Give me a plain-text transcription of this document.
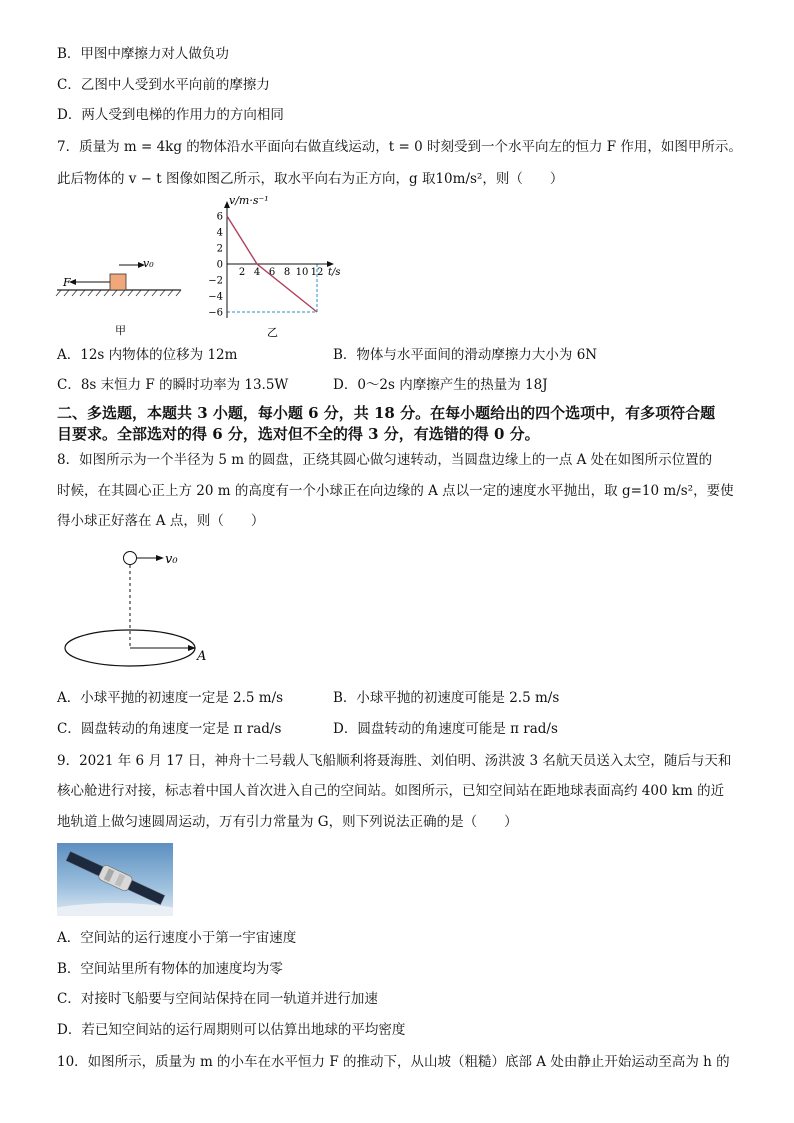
B．甲图中摩擦力对人做负功
C．乙图中人受到水平向前的摩擦力
D．两人受到电梯的作用力的方向相同
7．质量为 m = 4kg 的物体沿水平面向右做直线运动，t = 0 时刻受到一个水平向左的恒力 F 作用，如图甲所示。
此后物体的 v − t 图像如图乙所示，取水平向右为正方向，g 取10m/s²，则（　　）
F
v₀
甲
2 4 6 8 10 12
6
4
2
0
−2
−4
−6
t/s
v/m·s⁻¹
乙
A．12s 内物体的位移为 12m	B．物体与水平面间的滑动摩擦力大小为 6N
C．8s 末恒力 F 的瞬时功率为 13.5W	D．0～2s 内摩擦产生的热量为 18J
二、多选题，本题共 3 小题，每小题 6 分，共 18 分。在每小题给出的四个选项中，有多项符合题
目要求。全部选对的得 6 分，选对但不全的得 3 分，有选错的得 0 分。
8．如图所示为一个半径为 5 m 的圆盘，正绕其圆心做匀速转动，当圆盘边缘上的一点 A 处在如图所示位置的
时候，在其圆心正上方 20 m 的高度有一个小球正在向边缘的 A 点以一定的速度水平抛出，取 g=10 m/s²，要使
得小球正好落在 A 点，则（　　）
v₀
A
A．小球平抛的初速度一定是 2.5 m/s	B．小球平抛的初速度可能是 2.5 m/s
C．圆盘转动的角速度一定是 π rad/s	D．圆盘转动的角速度可能是 π rad/s
9．2021 年 6 月 17 日，神舟十二号载人飞船顺利将聂海胜、刘伯明、汤洪波 3 名航天员送入太空，随后与天和
核心舱进行对接，标志着中国人首次进入自己的空间站。如图所示，已知空间站在距地球表面高约 400 km 的近
地轨道上做匀速圆周运动，万有引力常量为 G，则下列说法正确的是（　　）
A．空间站的运行速度小于第一宇宙速度
B．空间站里所有物体的加速度均为零
C．对接时飞船要与空间站保持在同一轨道并进行加速
D．若已知空间站的运行周期则可以估算出地球的平均密度
10．如图所示，质量为 m 的小车在水平恒力 F 的推动下，从山坡（粗糙）底部 A 处由静止开始运动至高为 h 的
